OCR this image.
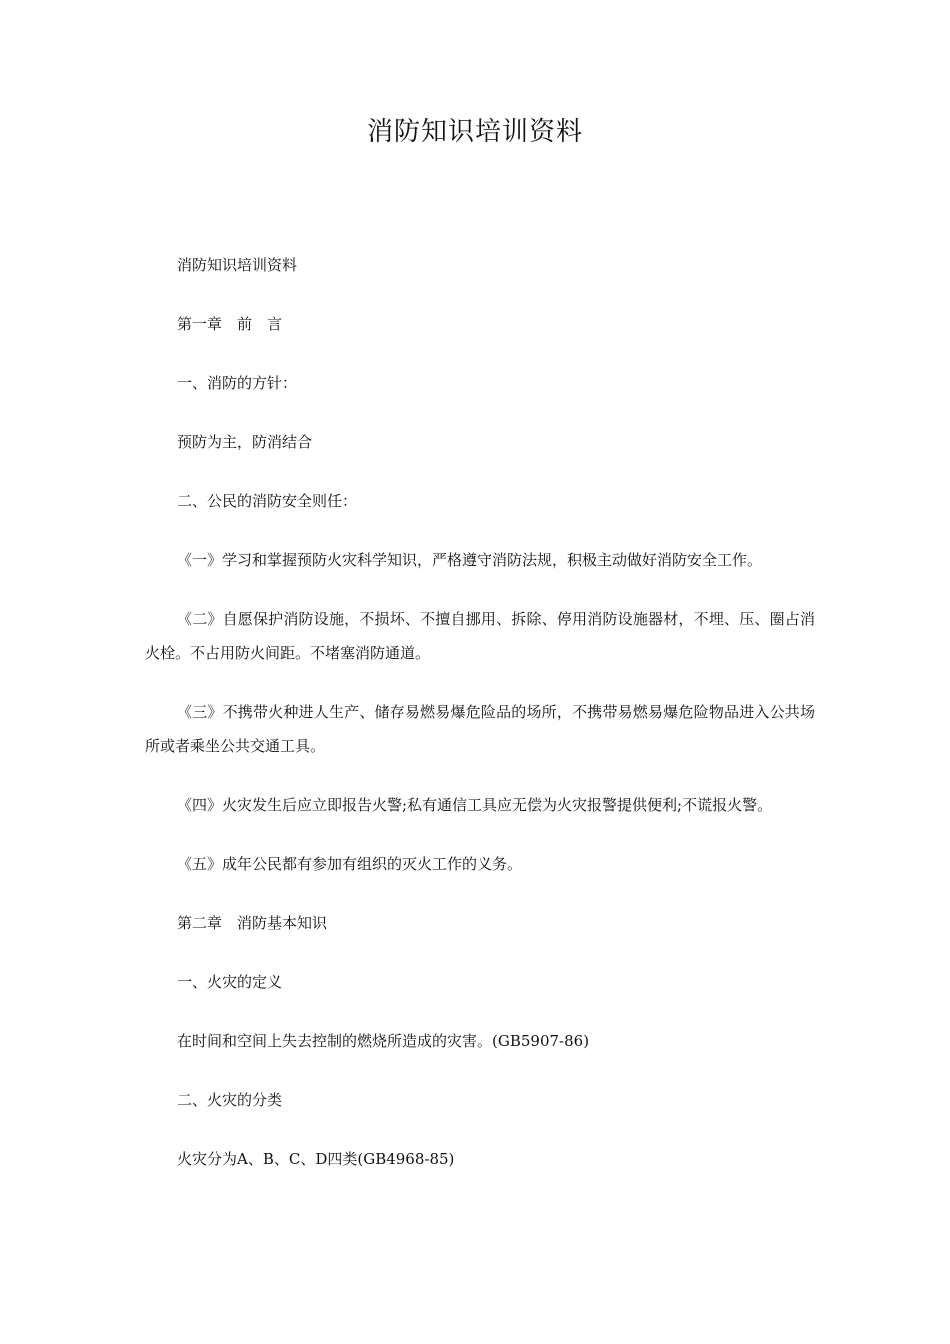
消防知识培训资料

消防知识培训资料

第一章　前　言

一、消防的方针：

预防为主，防消结合

二、公民的消防安全则任：

《一》学习和掌握预防火灾科学知识，严格遵守消防法规，积极主动做好消防安全工作。

《二》自愿保护消防设施，不损坏、不擅自挪用、拆除、停用消防设施器材，不埋、压、圈占消火栓。不占用防火间距。不堵塞消防通道。

《三》不携带火种进人生产、储存易燃易爆危险品的场所，不携带易燃易爆危险物品进入公共场所或者乘坐公共交通工具。

《四》火灾发生后应立即报告火警;私有通信工具应无偿为火灾报警提供便利;不谎报火警。

《五》成年公民都有参加有组织的灭火工作的义务。

第二章　消防基本知识

一、火灾的定义

在时间和空间上失去控制的燃烧所造成的灾害。(GB5907-86)

二、火灾的分类

火灾分为A、B、C、D四类(GB4968-85)
